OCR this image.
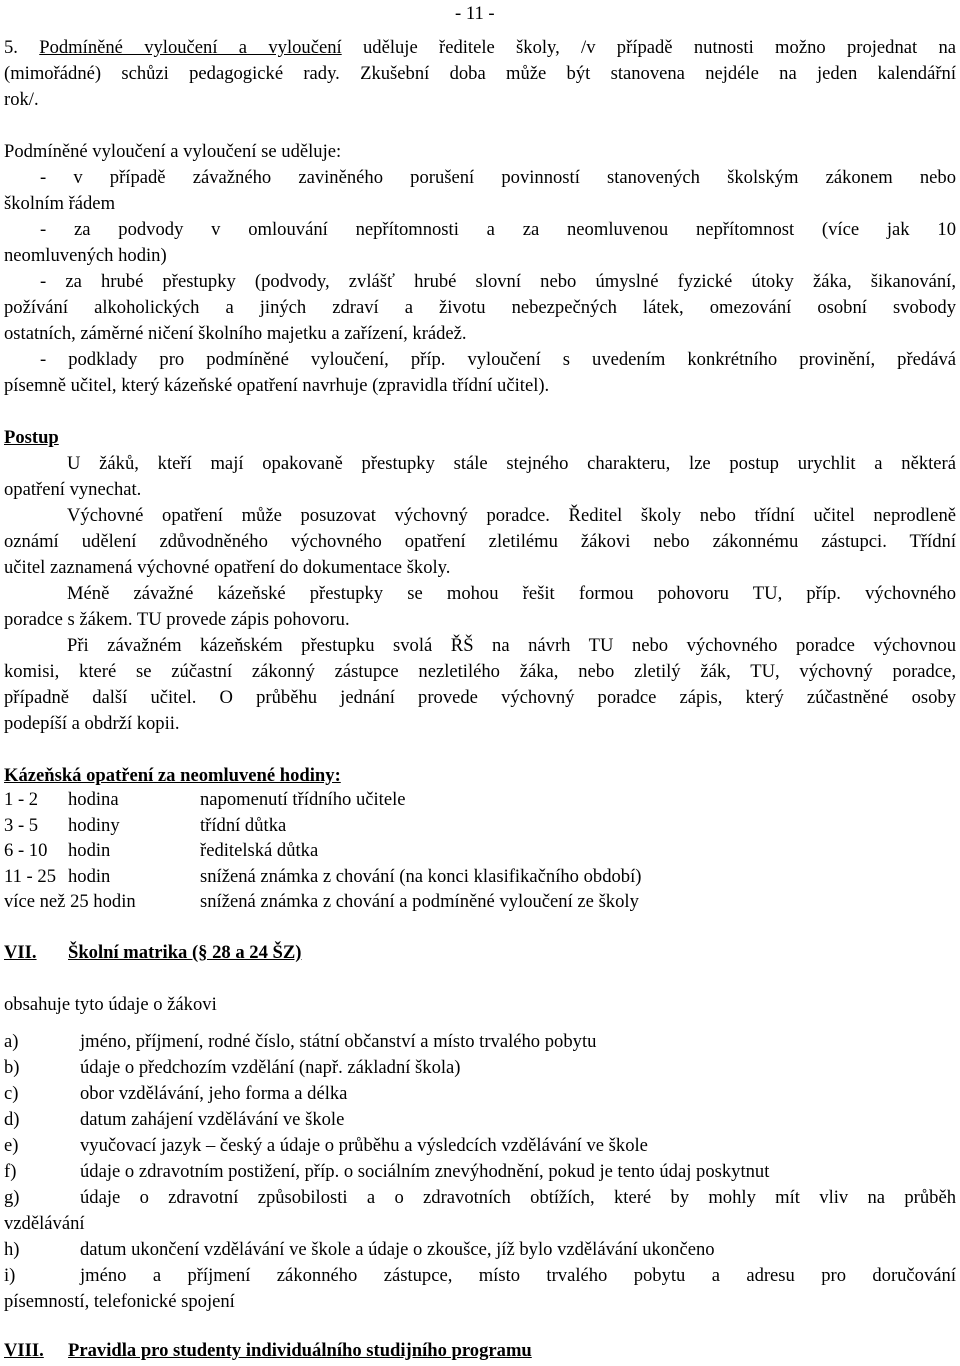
- 11 -
5. Podmíněné vyloučení a vyloučení uděluje ředitele školy, /v případě nutnosti možno projednat na
(mimořádné) schůzi pedagogické rady. Zkušební doba může být stanovena nejdéle na jeden kalendářní
rok/.
Podmíněné vyloučení a vyloučení se uděluje:
- v případě závažného zaviněného porušení povinností stanovených školským zákonem nebo
školním řádem
- za podvody v omlouvání nepřítomnosti a za neomluvenou nepřítomnost (více jak 10
neomluvených hodin)
- za hrubé přestupky (podvody, zvlášť hrubé slovní nebo úmyslné fyzické útoky žáka, šikanování,
požívání alkoholických a jiných zdraví a životu nebezpečných látek, omezování osobní svobody
ostatních, záměrné ničení školního majetku a zařízení, krádež.
- podklady pro podmíněné vyloučení, příp. vyloučení s uvedením konkrétního provinění, předává
písemně učitel, který kázeňské opatření navrhuje (zpravidla třídní učitel).
Postup
U žáků, kteří mají opakovaně přestupky stále stejného charakteru, lze postup urychlit a některá
opatření vynechat.
Výchovné opatření může posuzovat výchovný poradce. Ředitel školy nebo třídní učitel neprodleně
oznámí udělení zdůvodněného výchovného opatření zletilému žákovi nebo zákonnému zástupci. Třídní
učitel zaznamená výchovné opatření do dokumentace školy.
Méně závažné kázeňské přestupky se mohou řešit formou pohovoru TU, příp. výchovného
poradce s žákem. TU provede zápis pohovoru.
Při závažném kázeňském přestupku svolá ŘŠ na návrh TU nebo výchovného poradce výchovnou
komisi, které se zúčastní zákonný zástupce nezletilého žáka, nebo zletilý žák, TU, výchovný poradce,
případně další učitel. O průběhu jednání provede výchovný poradce zápis, který zúčastněné osoby
podepíší a obdrží kopii.
Kázeňská opatření za neomluvené hodiny:
1 - 2 hodina	napomenutí třídního učitele
3 - 5 hodiny	třídní důtka
6 - 10 hodin	ředitelská důtka
11 - 25 hodin	snížená známka z chování (na konci klasifikačního období)
více než 25 hodin	snížená známka z chování a podmíněné vyloučení ze školy
VII. Školní matrika (§ 28 a 24 ŠZ)
obsahuje tyto údaje o žákovi
a)	jméno, příjmení, rodné číslo, státní občanství a místo trvalého pobytu
b)	údaje o předchozím vzdělání (např. základní škola)
c)	obor vzdělávání, jeho forma a délka
d)	datum zahájení vzdělávání ve škole
e)	vyučovací jazyk – český a údaje o průběhu a výsledcích vzdělávání ve škole
f)	údaje o zdravotním postižení, příp. o sociálním znevýhodnění, pokud je tento údaj poskytnut
g)	údaje o zdravotní způsobilosti a o zdravotních obtížích, které by mohly mít vliv na průběh
vzdělávání
h)	datum ukončení vzdělávání ve škole a údaje o zkoušce, jíž bylo vzdělávání ukončeno
i)	jméno a příjmení zákonného zástupce, místo trvalého pobytu a adresu pro doručování
písemností, telefonické spojení
VIII. Pravidla pro studenty individuálního studijního programu
